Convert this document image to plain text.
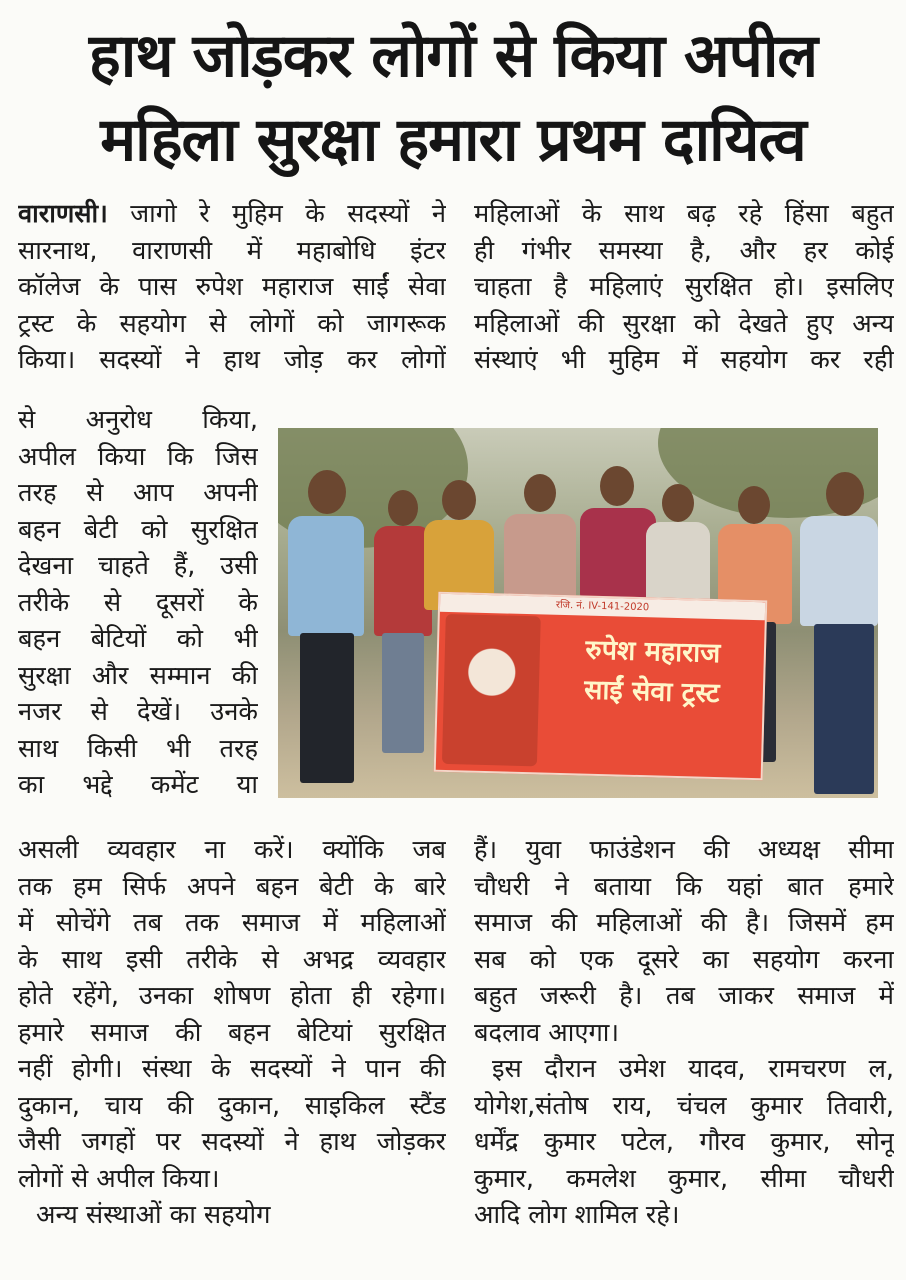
हाथ जोड़कर लोगों से किया अपील
महिला सुरक्षा हमारा प्रथम दायित्व
वाराणसी। जागो रे मुहिम के सदस्यों ने
सारनाथ, वाराणसी में महाबोधि इंटर
कॉलेज के पास रुपेश महाराज साईं सेवा
ट्रस्ट के सहयोग से लोगों को जागरूक
किया। सदस्यों ने हाथ जोड़ कर लोगों
से अनुरोध किया,
अपील किया कि जिस
तरह से आप अपनी
बहन बेटी को सुरक्षित
देखना चाहते हैं, उसी
तरीके से दूसरों के
बहन बेटियों को भी
सुरक्षा और सम्मान की
नजर से देखें। उनके
साथ किसी भी तरह
का भद्दे कमेंट या
असली व्यवहार ना करें। क्योंकि जब
तक हम सिर्फ अपने बहन बेटी के बारे
में सोचेंगे तब तक समाज में महिलाओं
के साथ इसी तरीके से अभद्र व्यवहार
होते रहेंगे, उनका शोषण होता ही रहेगा।
हमारे समाज की बहन बेटियां सुरक्षित
नहीं होगी। संस्था के सदस्यों ने पान की
दुकान, चाय की दुकान, साइकिल स्टैंड
जैसी जगहों पर सदस्यों ने हाथ जोड़कर
लोगों से अपील किया।
अन्य संस्थाओं का सहयोग
महिलाओं के साथ बढ़ रहे हिंसा बहुत
ही गंभीर समस्या है, और हर कोई
चाहता है महिलाएं सुरक्षित हो। इसलिए
महिलाओं की सुरक्षा को देखते हुए अन्य
संस्थाएं भी मुहिम में सहयोग कर रही
हैं। युवा फाउंडेशन की अध्यक्ष सीमा
चौधरी ने बताया कि यहां बात हमारे
समाज की महिलाओं की है। जिसमें हम
सब को एक दूसरे का सहयोग करना
बहुत जरूरी है। तब जाकर समाज में
बदलाव आएगा।
इस दौरान उमेश यादव, रामचरण ल,
योगेश,संतोष राय, चंचल कुमार तिवारी,
धर्मेंद्र कुमार पटेल, गौरव कुमार, सोनू
कुमार, कमलेश कुमार, सीमा चौधरी
आदि लोग शामिल रहे।
रजि. नं. IV-141-2020
रुपेश महाराज
साईं सेवा ट्रस्ट
